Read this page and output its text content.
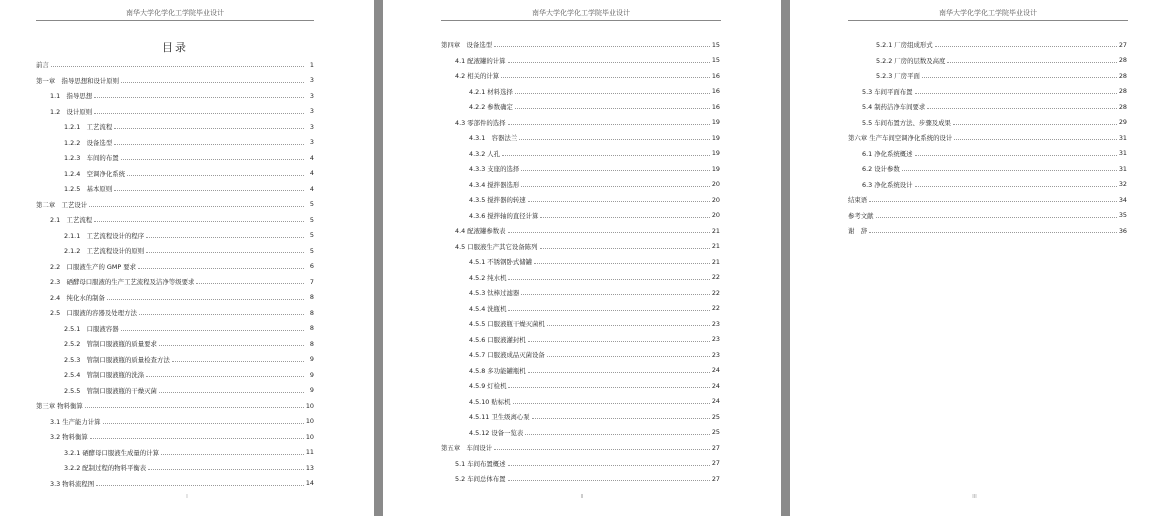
南华大学化学化工学院毕业设计
目录
前言	1
第一章　指导思想和设计原则	3
1.1　指导思想	3
1.2　设计原则	3
1.2.1　工艺流程	3
1.2.2　设备选型	3
1.2.3　车间的布置	4
1.2.4　空调净化系统	4
1.2.5　基本原则	4
第二章　工艺设计	5
2.1　工艺流程	5
2.1.1　工艺流程设计的程序	5
2.1.2　工艺流程设计的原则	5
2.2　口服液生产的 GMP 要求	6
2.3　硒酵母口服液的生产工艺流程及洁净等级要求	7
2.4　纯化水的制备	8
2.5　口服液的容器及处理方法	8
2.5.1　口服液容器	8
2.5.2　管制口服液瓶的质量要求	8
2.5.3　管制口服液瓶的质量检查方法	9
2.5.4　管制口服液瓶的洗涤	9
2.5.5　管制口服液瓶的干燥灭菌	9
第三章 物料衡算	10
3.1 生产能力计算	10
3.2 物料衡算	10
3.2.1 硒酵母口服液生成量的计算	11
3.2.2 配制过程的物料平衡表	13
3.3 物料流程图	14
I
南华大学化学化工学院毕业设计
第四章　设备选型	15
4.1 配液罐的计算	15
4.2 相关的计算	16
4.2.1 材料选择	16
4.2.2 参数确定	16
4.3 零部件的选择	19
4.3.1　容器法兰	19
4.3.2 人孔	19
4.3.3 支座的选择	19
4.3.4 搅拌器选形	20
4.3.5 搅拌器的转速	20
4.3.6 搅拌轴的直径计算	20
4.4 配液罐参数表	21
4.5 口服液生产其它设备陈列	21
4.5.1 不锈钢卧式储罐	21
4.5.2 纯水机	22
4.5.3 钛棒过滤器	22
4.5.4 洗瓶机	22
4.5.5 口服液瓶干燥灭菌机	23
4.5.6 口服液灌封机	23
4.5.7 口服液成品灭菌设备	23
4.5.8 多功能罐瓶机	24
4.5.9 灯检机	24
4.5.10 贴标机	24
4.5.11 卫生级离心泵	25
4.5.12 设备一览表	25
第五章　车间设计	27
5.1 车间布置概述	27
5.2 车间总体布置	27
II
南华大学化学化工学院毕业设计
5.2.1 厂房组成形式	27
5.2.2 厂房的层数及高度	28
5.2.3 厂房平面	28
5.3 车间平面布置	28
5.4 制药洁净车间要求	28
5.5 车间布置方法、步骤及成果	29
第六章 生产车间空调净化系统的设计	31
6.1 净化系统概述	31
6.2 设计参数	31
6.3 净化系统设计	32
结束语	34
参考文献	35
谢　辞	36
III
